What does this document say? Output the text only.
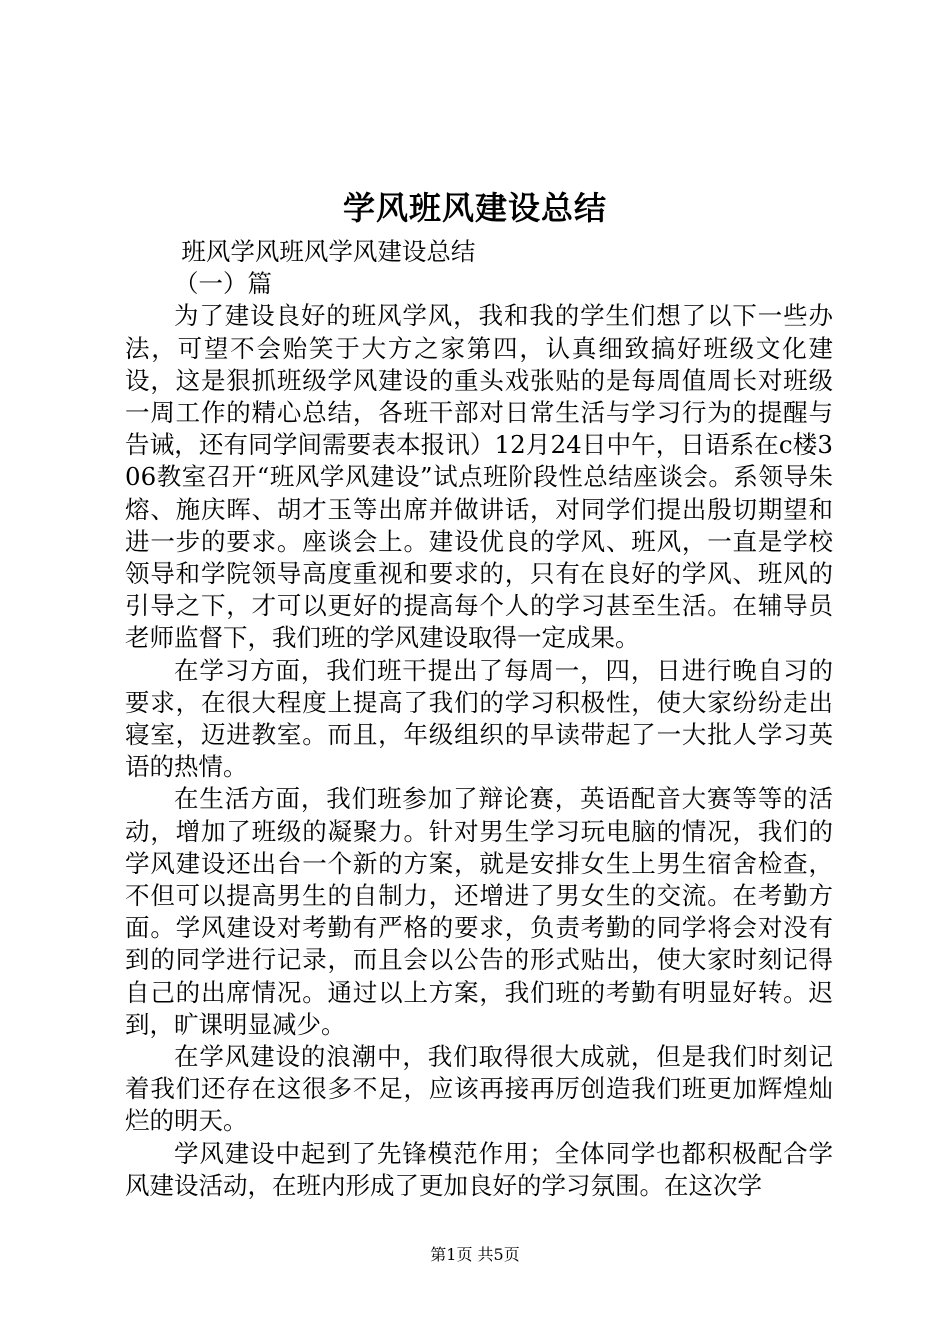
学风班风建设总结

班风学风班风学风建设总结

（一）篇

为了建设良好的班风学风，我和我的学生们想了以下一些办法，可望不会贻笑于大方之家第四，认真细致搞好班级文化建设，这是狠抓班级学风建设的重头戏张贴的是每周值周长对班级一周工作的精心总结，各班干部对日常生活与学习行为的提醒与告诫，还有同学间需要表本报讯）12月24日中午，日语系在c楼306教室召开“班风学风建设”试点班阶段性总结座谈会。系领导朱熔、施庆晖、胡才玉等出席并做讲话，对同学们提出殷切期望和进一步的要求。座谈会上。建设优良的学风、班风，一直是学校领导和学院领导高度重视和要求的，只有在良好的学风、班风的引导之下，才可以更好的提高每个人的学习甚至生活。在辅导员老师监督下，我们班的学风建设取得一定成果。

在学习方面，我们班干提出了每周一，四，日进行晚自习的要求，在很大程度上提高了我们的学习积极性，使大家纷纷走出寝室，迈进教室。而且，年级组织的早读带起了一大批人学习英语的热情。

在生活方面，我们班参加了辩论赛，英语配音大赛等等的活动，增加了班级的凝聚力。针对男生学习玩电脑的情况，我们的学风建设还出台一个新的方案，就是安排女生上男生宿舍检查，不但可以提高男生的自制力，还增进了男女生的交流。在考勤方面。学风建设对考勤有严格的要求，负责考勤的同学将会对没有到的同学进行记录，而且会以公告的形式贴出，使大家时刻记得自己的出席情况。通过以上方案，我们班的考勤有明显好转。迟到，旷课明显减少。

在学风建设的浪潮中，我们取得很大成就，但是我们时刻记着我们还存在这很多不足，应该再接再厉创造我们班更加辉煌灿烂的明天。

学风建设中起到了先锋模范作用；全体同学也都积极配合学风建设活动，在班内形成了更加良好的学习氛围。在这次学

第1页 共5页
